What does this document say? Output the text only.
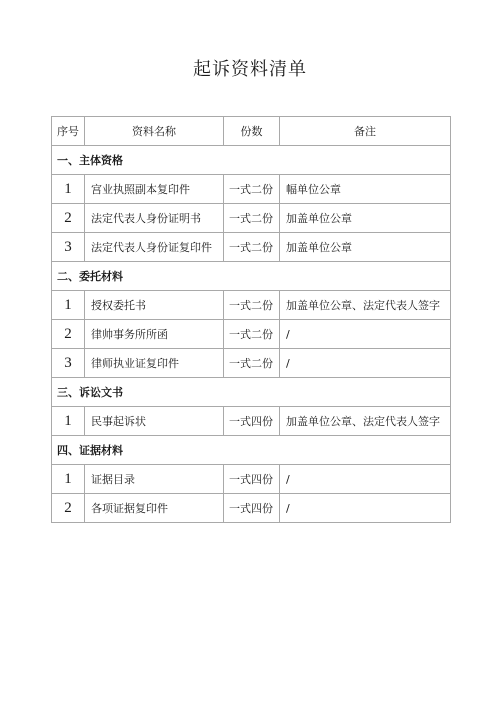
起诉资料清单
序号	资料名称	份数	备注
一、主体资格			
1	宫业执照副本复印件	一式二份	幅单位公章
2	法定代表人身份证明书	一式二份	加盖单位公章
3	法定代表人身份证复印件	一式二份	加盖单位公章
二、委托材料			
1	授权委托书	一式二份	加盖单位公章、法定代表人签字
2	律帅事务所所函	一式二份	/
3	律师执业证复印件	一式二份	/
三、诉讼文书			
1	民事起诉状	一式四份	加盖单位公章、法定代表人签字
四、证据材料			
1	证据目录	一式四份	/
2	各项证据复印件	一式四份	/
